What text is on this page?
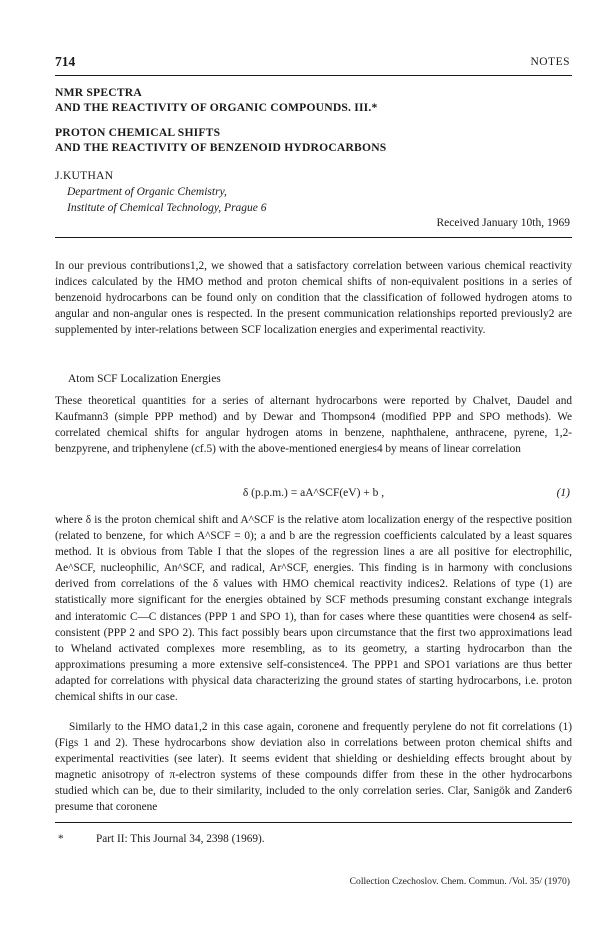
714	NOTES
NMR SPECTRA
AND THE REACTIVITY OF ORGANIC COMPOUNDS. III.*
PROTON CHEMICAL SHIFTS
AND THE REACTIVITY OF BENZENOID HYDROCARBONS
J.KUTHAN
Department of Organic Chemistry,
Institute of Chemical Technology, Prague 6
Received January 10th, 1969

In our previous contributions1,2, we showed that a satisfactory correlation between various chemical reactivity indices calculated by the HMO method and proton chemical shifts of non-equivalent positions in a series of benzenoid hydrocarbons can be found only on condition that the classification of followed hydrogen atoms to angular and non-angular ones is respected. In the present communication relationships reported previously2 are supplemented by inter-relations between SCF localization energies and experimental reactivity.

Atom SCF Localization Energies

These theoretical quantities for a series of alternant hydrocarbons were reported by Chalvet, Daudel and Kaufmann3 (simple PPP method) and by Dewar and Thompson4 (modified PPP and SPO methods). We correlated chemical shifts for angular hydrogen atoms in benzene, naphthalene, anthracene, pyrene, 1,2-benzpyrene, and triphenylene (cf.5) with the above-mentioned energies4 by means of linear correlation

δ (p.p.m.) = aA^SCF(eV) + b ,	(1)

where δ is the proton chemical shift and A^SCF is the relative atom localization energy of the respective position (related to benzene, for which A^SCF = 0); a and b are the regression coefficients calculated by a least squares method. It is obvious from Table I that the slopes of the regression lines a are all positive for electrophilic, Ae^SCF, nucleophilic, An^SCF, and radical, Ar^SCF, energies. This finding is in harmony with conclusions derived from correlations of the δ values with HMO chemical reactivity indices2. Relations of type (1) are statistically more significant for the energies obtained by SCF methods presuming constant exchange integrals and interatomic C—C distances (PPP 1 and SPO 1), than for cases where these quantities were chosen4 as self-consistent (PPP 2 and SPO 2). This fact possibly bears upon circumstance that the first two approximations lead to Wheland activated complexes more resembling, as to its geometry, a starting hydrocarbon than the approximations presuming a more extensive self-consistence4. The PPP1 and SPO1 variations are thus better adapted for correlations with physical data characterizing the ground states of starting hydrocarbons, i.e. proton chemical shifts in our case.

Similarly to the HMO data1,2 in this case again, coronene and frequently perylene do not fit correlations (1) (Figs 1 and 2). These hydrocarbons show deviation also in correlations between proton chemical shifts and experimental reactivities (see later). It seems evident that shielding or deshielding effects brought about by magnetic anisotropy of π-electron systems of these compounds differ from these in the other hydrocarbons studied which can be, due to their similarity, included to the only correlation series. Clar, Sanigök and Zander6 presume that coronene

*	Part II: This Journal 34, 2398 (1969).
Collection Czechoslov. Chem. Commun. /Vol. 35/ (1970)
